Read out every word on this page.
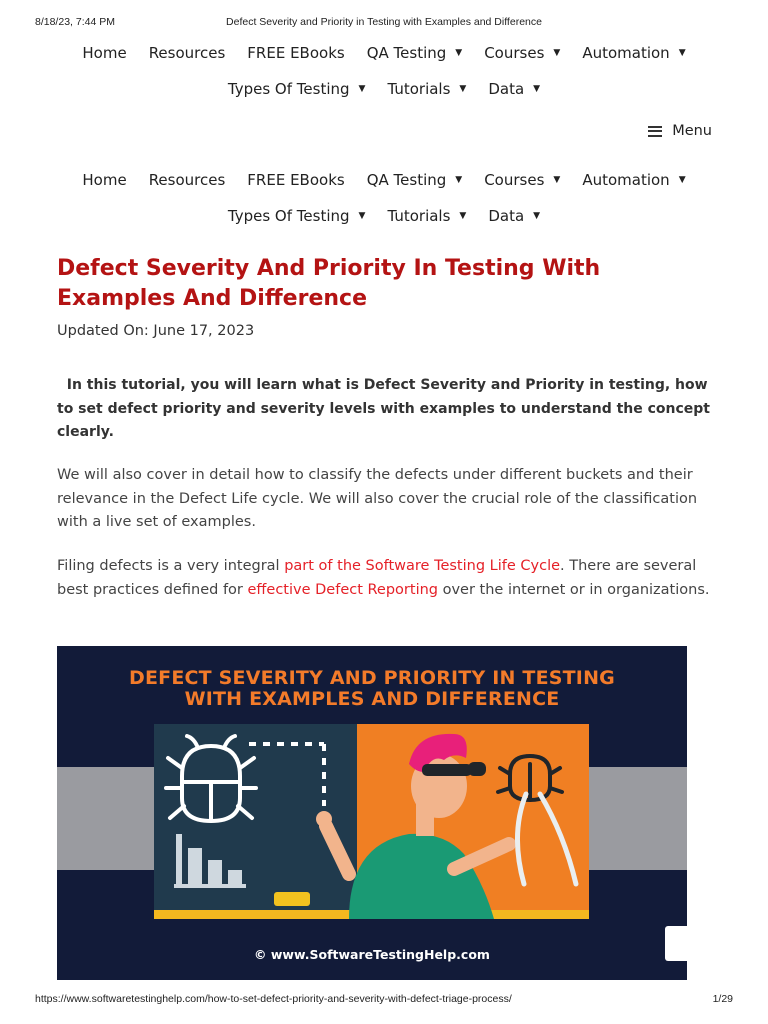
8/18/23, 7:44 PM	Defect Severity and Priority in Testing with Examples and Difference
Home Resources FREE EBooks QA Testing ▼ Courses ▼ Automation ▼
Types Of Testing ▼ Tutorials ▼ Data ▼
Menu
Home Resources FREE EBooks QA Testing ▼ Courses ▼ Automation ▼
Types Of Testing ▼ Tutorials ▼ Data ▼
Defect Severity And Priority In Testing With Examples And Difference
Updated On: June 17, 2023

In this tutorial, you will learn what is Defect Severity and Priority in testing, how to set defect priority and severity levels with examples to understand the concept clearly.

We will also cover in detail how to classify the defects under different buckets and their relevance in the Defect Life cycle. We will also cover the crucial role of the classification with a live set of examples.

Filing defects is a very integral part of the Software Testing Life Cycle. There are several best practices defined for effective Defect Reporting over the internet or in organizations.

DEFECT SEVERITY AND PRIORITY IN TESTING
WITH EXAMPLES AND DIFFERENCE
© www.SoftwareTestingHelp.com
https://www.softwaretestinghelp.com/how-to-set-defect-priority-and-severity-with-defect-triage-process/	1/29
